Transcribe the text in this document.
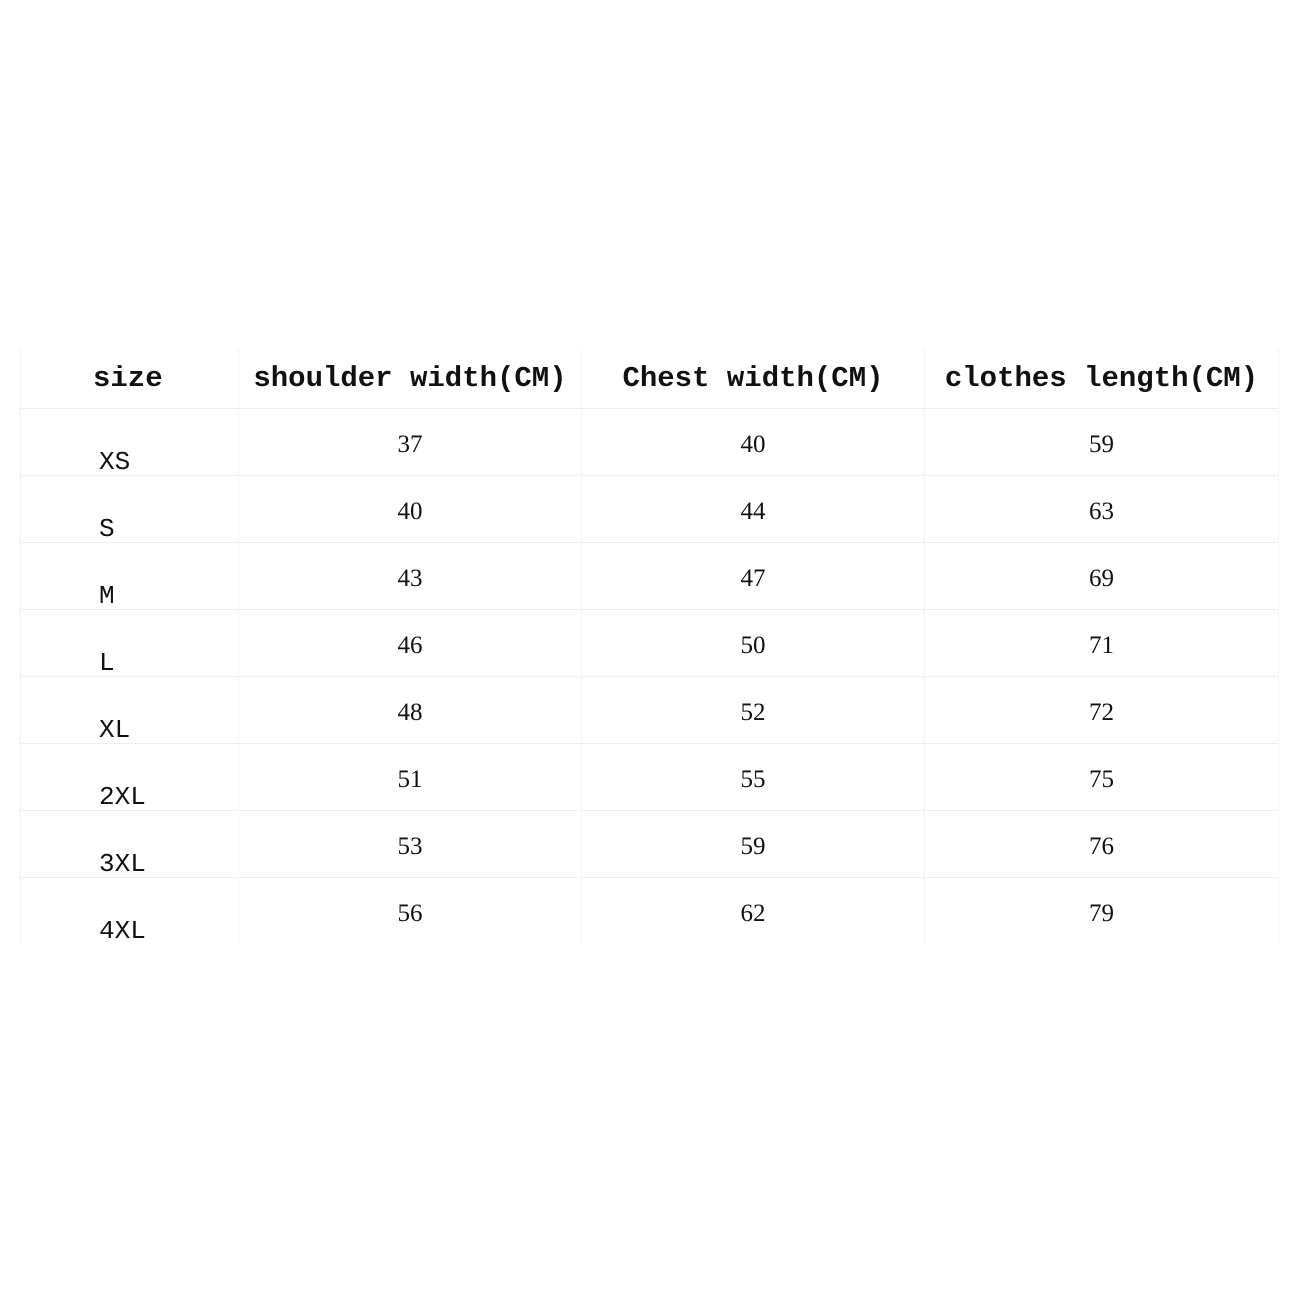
size	shoulder width(CM)	Chest width(CM)	clothes length(CM)

XS	37	40	59

S	40	44	63

M	43	47	69

L	46	50	71

XL	48	52	72

2XL	51	55	75

3XL	53	59	76

4XL	56	62	79
